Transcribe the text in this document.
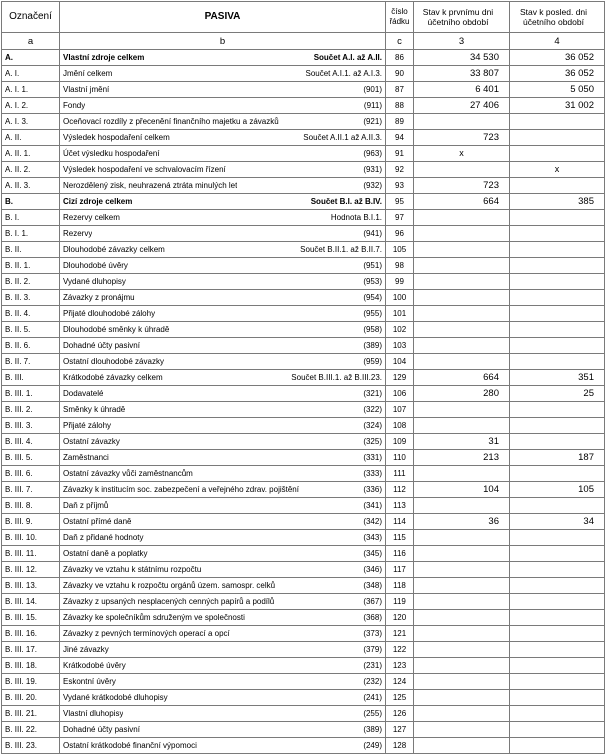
Označení	PASIVA	číslo řádku	Stav k prvnímu dni účetního období	Stav k posled. dni účetního období
a	b	c	3	4
A.	Vlastní zdroje celkem Součet A.I. až A.II.	86	34 530	36 052
A. I.	Jmění celkem Součet A.I.1. až A.I.3.	90	33 807	36 052
A. I. 1.	Vlastní jmění (901)	87	6 401	5 050
A. I. 2.	Fondy (911)	88	27 406	31 002
A. I. 3.	Oceňovací rozdíly z přecenění finančního majetku a závazků (921)	89		
A. II.	Výsledek hospodaření celkem Součet A.II.1 až A.II.3.	94	723	
A. II. 1.	Účet výsledku hospodaření (963)	91	x	
A. II. 2.	Výsledek hospodaření ve schvalovacím řízení (931)	92		x
A. II. 3.	Nerozdělený zisk, neuhrazená ztráta minulých let (932)	93	723	
B.	Cizí zdroje celkem Součet B.I. až B.IV.	95	664	385
B. I.	Rezervy celkem Hodnota B.I.1.	97		
B. I. 1.	Rezervy (941)	96		
B. II.	Dlouhodobé závazky celkem Součet B.II.1. až B.II.7.	105		
B. II. 1.	Dlouhodobé úvěry (951)	98		
B. II. 2.	Vydané dluhopisy (953)	99		
B. II. 3.	Závazky z pronájmu (954)	100		
B. II. 4.	Přijaté dlouhodobé zálohy (955)	101		
B. II. 5.	Dlouhodobé směnky k úhradě (958)	102		
B. II. 6.	Dohadné účty pasivní (389)	103		
B. II. 7.	Ostatní dlouhodobé závazky (959)	104		
B. III.	Krátkodobé závazky celkem Součet B.III.1. až B.III.23.	129	664	351
B. III. 1.	Dodavatelé (321)	106	280	25
B. III. 2.	Směnky k úhradě (322)	107		
B. III. 3.	Přijaté zálohy (324)	108		
B. III. 4.	Ostatní závazky (325)	109	31	
B. III. 5.	Zaměstnanci (331)	110	213	187
B. III. 6.	Ostatní závazky vůči zaměstnancům (333)	111		
B. III. 7.	Závazky k institucím soc. zabezpečení a veřejného zdrav. pojištění (336)	112	104	105
B. III. 8.	Daň z příjmů (341)	113		
B. III. 9.	Ostatní přímé daně (342)	114	36	34
B. III. 10.	Daň z přidané hodnoty (343)	115		
B. III. 11.	Ostatní daně a poplatky (345)	116		
B. III. 12.	Závazky ve vztahu k státnímu rozpočtu (346)	117		
B. III. 13.	Závazky ve vztahu k rozpočtu orgánů územ. samospr. celků (348)	118		
B. III. 14.	Závazky z upsaných nesplacených cenných papírů a podílů (367)	119		
B. III. 15.	Závazky ke společníkům sdruženým ve společnosti (368)	120		
B. III. 16.	Závazky z pevných termínových operací a opcí (373)	121		
B. III. 17.	Jiné závazky (379)	122		
B. III. 18.	Krátkodobé úvěry (231)	123		
B. III. 19.	Eskontní úvěry (232)	124		
B. III. 20.	Vydané krátkodobé dluhopisy (241)	125		
B. III. 21.	Vlastní dluhopisy (255)	126		
B. III. 22.	Dohadné účty pasivní (389)	127		
B. III. 23.	Ostatní krátkodobé finanční výpomoci (249)	128		
